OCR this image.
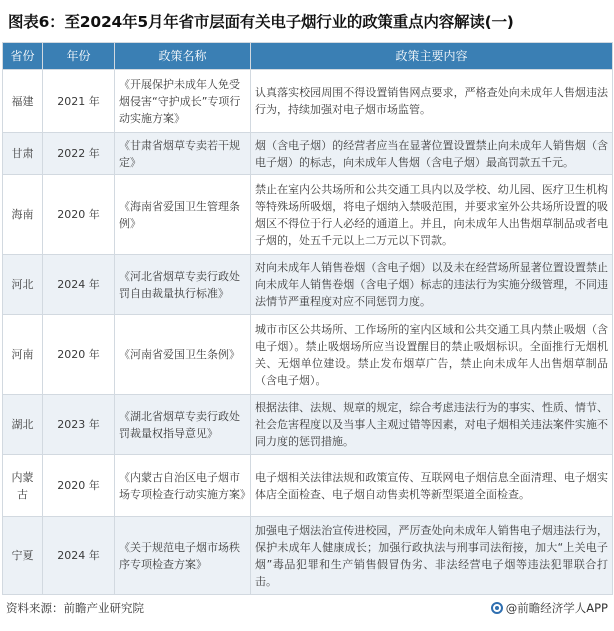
图表6：至2024年5月年省市层面有关电子烟行业的政策重点内容解读(一)
省份	年份	政策名称	政策主要内容
福建	2021 年	《开展保护未成年人免受烟侵害“守护成长”专项行动实施方案》	认真落实校园周围不得设置销售网点要求，严格查处向未成年人售烟违法行为，持续加强对电子烟市场监管。
甘肃	2022 年	《甘肃省烟草专卖若干规定》	烟（含电子烟）的经营者应当在显著位置设置禁止向未成年人销售烟（含电子烟）的标志，向未成年人售烟（含电子烟）最高罚款五千元。
海南	2020 年	《海南省爱国卫生管理条例》	禁止在室内公共场所和公共交通工具内以及学校、幼儿园、医疗卫生机构等特殊场所吸烟，将电子烟纳入禁吸范围，并要求室外公共场所设置的吸烟区不得位于行人必经的通道上。并且，向未成年人出售烟草制品或者电子烟的，处五千元以上二万元以下罚款。
河北	2024 年	《河北省烟草专卖行政处罚自由裁量执行标准》	对向未成年人销售卷烟（含电子烟）以及未在经营场所显著位置设置禁止向未成年人销售卷烟（含电子烟）标志的违法行为实施分级管理，不同违法情节严重程度对应不同惩罚力度。
河南	2020 年	《河南省爱国卫生条例》	城市市区公共场所、工作场所的室内区域和公共交通工具内禁止吸烟（含电子烟）。禁止吸烟场所应当设置醒目的禁止吸烟标识。全面推行无烟机关、无烟单位建设。禁止发布烟草广告，禁止向未成年人出售烟草制品（含电子烟）。
湖北	2023 年	《湖北省烟草专卖行政处罚裁量权指导意见》	根据法律、法规、规章的规定，综合考虑违法行为的事实、性质、情节、社会危害程度以及当事人主观过错等因素，对电子烟相关违法案件实施不同力度的惩罚措施。
内蒙古	2020 年	《内蒙古自治区电子烟市场专项检查行动实施方案》	电子烟相关法律法规和政策宣传、互联网电子烟信息全面清理、电子烟实体店全面检查、电子烟自动售卖机等新型渠道全面检查。
宁夏	2024 年	《关于规范电子烟市场秩序专项检查方案》	加强电子烟法治宣传进校园，严厉查处向未成年人销售电子烟违法行为，保护未成年人健康成长；加强行政执法与刑事司法衔接，加大“上关电子烟”毒品犯罪和生产销售假冒伪劣、非法经营电子烟等违法犯罪联合打击。
资料来源：前瞻产业研究院	@前瞻经济学人APP
